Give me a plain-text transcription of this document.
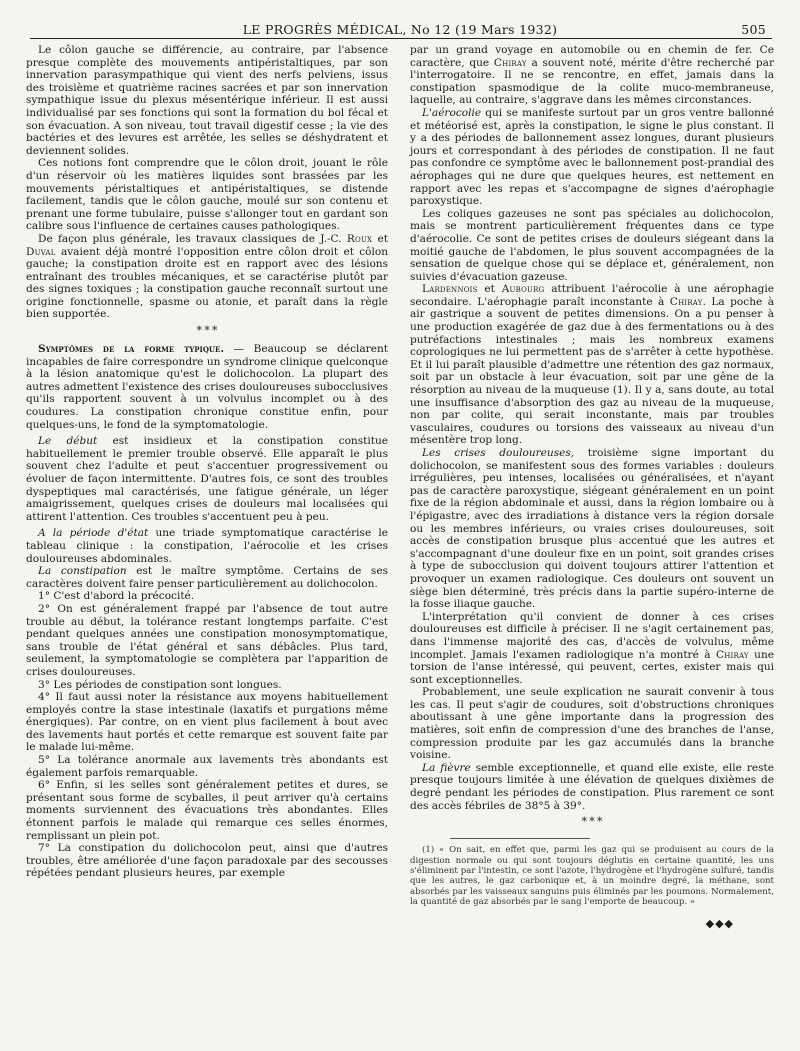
LE PROGRÈS MÉDICAL, No 12 (19 Mars 1932)	505

Le côlon gauche se différencie, au contraire, par l'absence presque complète des mouvements antipéristaltiques, par son innervation parasympathique qui vient des nerfs pelviens, issus des troisième et quatrième racines sacrées et par son innervation sympathique issue du plexus mésentérique inférieur. Il est aussi individualisé par ses fonctions qui sont la formation du bol fécal et son évacuation. A son niveau, tout travail digestif cesse ; la vie des bactéries et des levures est arrêtée, les selles se déshydratent et deviennent solides.

Ces notions font comprendre que le côlon droit, jouant le rôle d'un réservoir où les matières liquides sont brassées par les mouvements péristaltiques et antipéristaltiques, se distende facilement, tandis que le côlon gauche, moulé sur son contenu et prenant une forme tubulaire, puisse s'allonger tout en gardant son calibre sous l'influence de certaines causes pathologiques.

De façon plus générale, les travaux classiques de J.-C. Roux et Duval avaient déjà montré l'opposition entre côlon droit et côlon gauche; la constipation droite est en rapport avec des lésions entraînant des troubles mécaniques, et se caractérise plutôt par des signes toxiques ; la constipation gauche reconnaît surtout une origine fonctionnelle, spasme ou atonie, et paraît dans la règle bien supportée.

* * *

Symptômes de la forme typique. — Beaucoup se déclarent incapables de faire correspondre un syndrome clinique quelconque à la lésion anatomique qu'est le dolichocolon. La plupart des autres admettent l'existence des crises douloureuses subocclusives qu'ils rapportent souvent à un volvulus incomplet ou à des coudures. La constipation chronique constitue enfin, pour quelques-uns, le fond de la symptomatologie.

Le début est insidieux et la constipation constitue habituellement le premier trouble observé. Elle apparaît le plus souvent chez l'adulte et peut s'accentuer progressivement ou évoluer de façon intermittente. D'autres fois, ce sont des troubles dyspeptiques mal caractérisés, une fatigue générale, un léger amaigrissement, quelques crises de douleurs mal localisées qui attirent l'attention. Ces troubles s'accentuent peu à peu.

A la période d'état une triade symptomatique caractérise le tableau clinique : la constipation, l'aérocolie et les crises douloureuses abdominales.

La constipation est le maître symptôme. Certains de ses caractères doivent faire penser particulièrement au dolichocolon.

1° C'est d'abord la précocité.

2° On est généralement frappé par l'absence de tout autre trouble au début, la tolérance restant longtemps parfaite. C'est pendant quelques années une constipation monosymptomatique, sans trouble de l'état général et sans débâcles. Plus tard, seulement, la symptomatologie se complètera par l'apparition de crises douloureuses.

3° Les périodes de constipation sont longues.

4° Il faut aussi noter la résistance aux moyens habituellement employés contre la stase intestinale (laxatifs et purgations même énergiques). Par contre, on en vient plus facilement à bout avec des lavements haut portés et cette remarque est souvent faite par le malade lui-même.

5° La tolérance anormale aux lavements très abondants est également parfois remarquable.

6° Enfin, si les selles sont généralement petites et dures, se présentant sous forme de scyballes, il peut arriver qu'à certains moments surviennent des évacuations très abondantes. Elles étonnent parfois le malade qui remarque ces selles énormes, remplissant un plein pot.

7° La constipation du dolichocolon peut, ainsi que d'autres troubles, être améliorée d'une façon paradoxale par des secousses répétées pendant plusieurs heures, par exemple

par un grand voyage en automobile ou en chemin de fer. Ce caractère, que Chiray a souvent noté, mérite d'être recherché par l'interrogatoire. Il ne se rencontre, en effet, jamais dans la constipation spasmodique de la colite muco-membraneuse, laquelle, au contraire, s'aggrave dans les mêmes circonstances.

L'aérocolie qui se manifeste surtout par un gros ventre ballonné et météorisé est, après la constipation, le signe le plus constant. Il y a des périodes de ballonnement assez longues, durant plusieurs jours et correspondant à des périodes de constipation. Il ne faut pas confondre ce symptôme avec le ballonnement post-prandial des aérophages qui ne dure que quelques heures, est nettement en rapport avec les repas et s'accompagne de signes d'aérophagie paroxystique.

Les coliques gazeuses ne sont pas spéciales au dolichocolon, mais se montrent particulièrement fréquentes dans ce type d'aérocolie. Ce sont de petites crises de douleurs siégeant dans la moitié gauche de l'abdomen, le plus souvent accompagnées de la sensation de quelque chose qui se déplace et, généralement, non suivies d'évacuation gazeuse.

Lardennois et Aubourg attribuent l'aérocolie à une aérophagie secondaire. L'aérophagie paraît inconstante à Chiray. La poche à air gastrique a souvent de petites dimensions. On a pu penser à une production exagérée de gaz due à des fermentations ou à des putréfactions intestinales ; mais les nombreux examens coprologiques ne lui permettent pas de s'arrêter à cette hypothèse. Et il lui paraît plausible d'admettre une rétention des gaz normaux, soit par un obstacle à leur évacuation, soit par une gêne de la résorption au niveau de la muqueuse (1). Il y a, sans doute, au total une insuffisance d'absorption des gaz au niveau de la muqueuse, non par colite, qui serait inconstante, mais par troubles vasculaires, coudures ou torsions des vaisseaux au niveau d'un mésentère trop long.

Les crises douloureuses, troisième signe important du dolichocolon, se manifestent sous des formes variables : douleurs irrégulières, peu intenses, localisées ou généralisées, et n'ayant pas de caractère paroxystique, siégeant généralement en un point fixe de la région abdominale et aussi, dans la région lombaire ou à l'épigastre, avec des irradiations à distance vers la région dorsale ou les membres inférieurs, ou vraies crises douloureuses, soit accès de constipation brusque plus accentué que les autres et s'accompagnant d'une douleur fixe en un point, soit grandes crises à type de subocclusion qui doivent toujours attirer l'attention et provoquer un examen radiologique. Ces douleurs ont souvent un siège bien déterminé, très précis dans la partie supéro-interne de la fosse iliaque gauche.

L'interprétation qu'il convient de donner à ces crises douloureuses est difficile à préciser. Il ne s'agit certainement pas, dans l'immense majorité des cas, d'accès de volvulus, même incomplet. Jamais l'examen radiologique n'a montré à Chiray une torsion de l'anse intéressé, qui peuvent, certes, exister mais qui sont exceptionnelles.

Probablement, une seule explication ne saurait convenir à tous les cas. Il peut s'agir de coudures, soit d'obstructions chroniques aboutissant à une gêne importante dans la progression des matières, soit enfin de compression d'une des branches de l'anse, compression produite par les gaz accumulés dans la branche voisine.

La fièvre semble exceptionnelle, et quand elle existe, elle reste presque toujours limitée à une élévation de quelques dixièmes de degré pendant les périodes de constipation. Plus rarement ce sont des accès fébriles de 38°5 à 39°.

* * *

(1) « On sait, en effet que, parmi les gaz qui se produisent au cours de la digestion normale ou qui sont toujours déglutis en certaine quantité, les uns s'éliminent par l'intestin, ce sont l'azote, l'hydrogène et l'hydrogène sulfuré, tandis que les autres, le gaz carbonique et, à un moindre degré, la méthane, sont absorbés par les vaisseaux sanguins puis éliminés par les poumons. Normalement, la quantité de gaz absorbés par le sang l'emporte de beaucoup. »

◆◆◆
